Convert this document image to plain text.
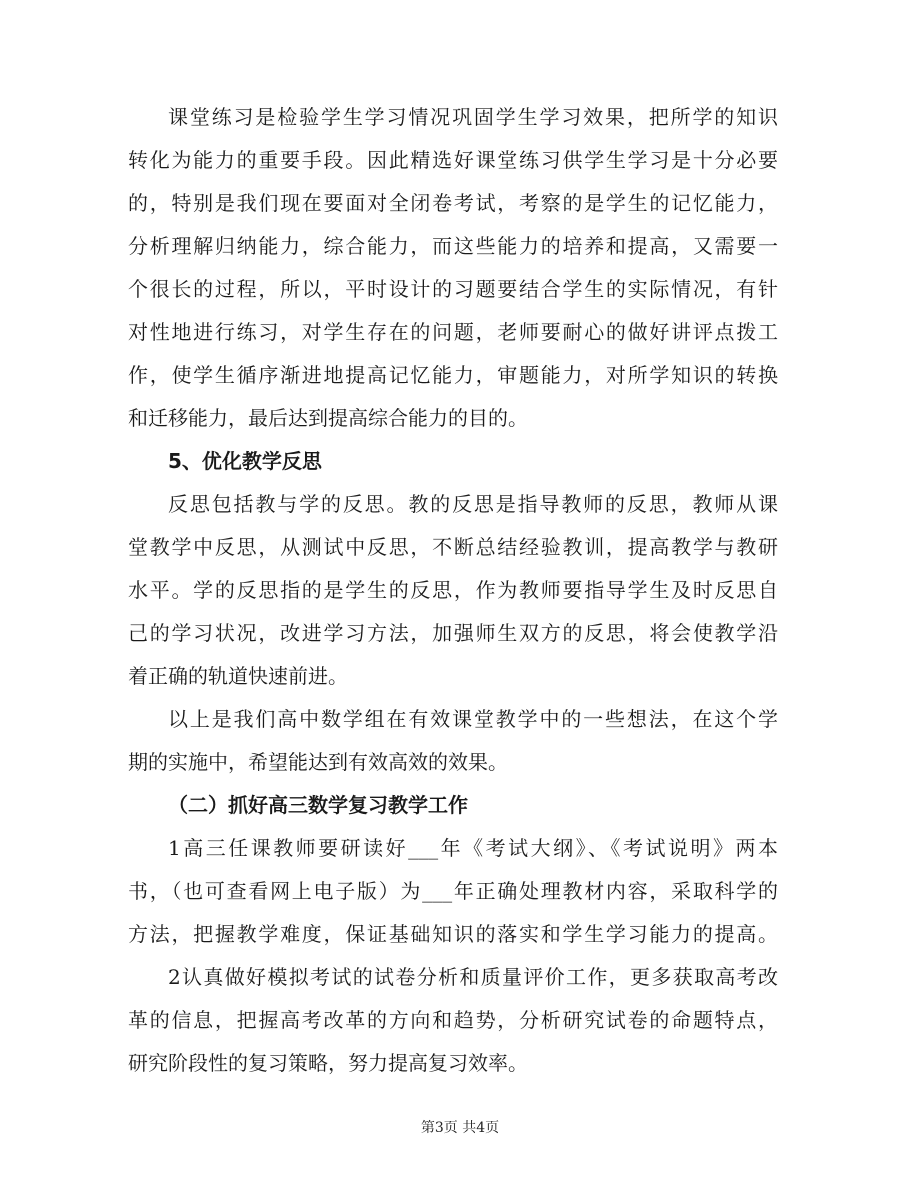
课堂练习是检验学生学习情况巩固学生学习效果，把所学的知识
转化为能力的重要手段。因此精选好课堂练习供学生学习是十分必要
的，特别是我们现在要面对全闭卷考试，考察的是学生的记忆能力，
分析理解归纳能力，综合能力，而这些能力的培养和提高，又需要一
个很长的过程，所以，平时设计的习题要结合学生的实际情况，有针
对性地进行练习，对学生存在的问题，老师要耐心的做好讲评点拨工
作，使学生循序渐进地提高记忆能力，审题能力，对所学知识的转换
和迁移能力，最后达到提高综合能力的目的。
5、优化教学反思
反思包括教与学的反思。教的反思是指导教师的反思，教师从课
堂教学中反思，从测试中反思，不断总结经验教训，提高教学与教研
水平。学的反思指的是学生的反思，作为教师要指导学生及时反思自
己的学习状况，改进学习方法，加强师生双方的反思，将会使教学沿
着正确的轨道快速前进。
以上是我们高中数学组在有效课堂教学中的一些想法，在这个学
期的实施中，希望能达到有效高效的效果。
（二）抓好高三数学复习教学工作
1高三任课教师要研读好___年《考试大纲》、《考试说明》两本
书，（也可查看网上电子版）为___年正确处理教材内容，采取科学的
方法，把握教学难度，保证基础知识的落实和学生学习能力的提高。
2认真做好模拟考试的试卷分析和质量评价工作，更多获取高考改
革的信息，把握高考改革的方向和趋势，分析研究试卷的命题特点，
研究阶段性的复习策略，努力提高复习效率。
第3页 共4页
